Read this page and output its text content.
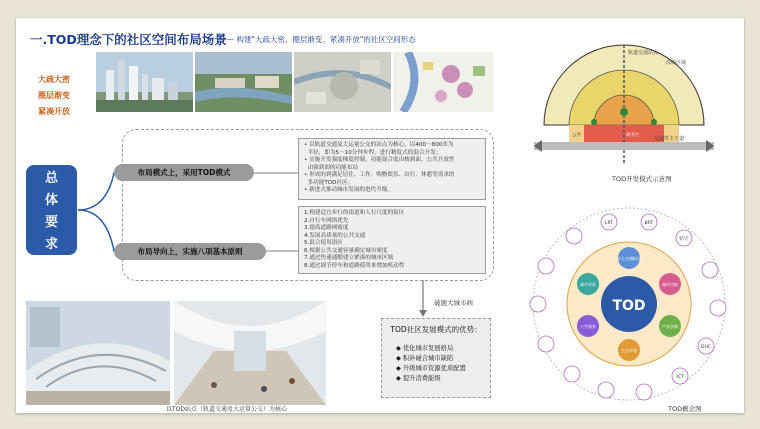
一.TOD理念下的社区空间布局场景
—— 构建"大疏大密、圈层渐变、紧凑开放"的社区空间形态
大疏大密
圈层渐变
紧凑开放
总
体
要
求
布局模式上，采用TOD模式
布局导向上，实施八项基本原则
• 以轨道交通及大运量公交的站点为核心，以400～800米为
半径，即为5～10分钟步程，进行精度式的混合开发；
• 实施开发强度梯度控制，功能混合度由核到面，公共开放性
由强到弱的功能布局
• 形成的到满足居住、工作、购物娱乐、出行、休憩等需求的
多功能TOD社区；
• 新进式推动城市发展的进代升级。
1.构建适宜步行的街道和人行尺度的街区
2.自行车网络优先
3.提高道路网密度
4.发展高质量的公共交通
5.混合使用街区
6.根据公共交通容量确定城市密度
7.通过快速通勤建立紧凑的城市区域
8.通过调节停车和道路使用来增加机动性
破题大城市病
TOD社区发展模式的优势：
◆ 优化城市发展格局
◆ 积补碰合城市缺陷
◆ 升级城市资源优质配置
◆ 提升消费能级
以TOD站点（轨道交通及大运量公交）为核心
轨道交通站点
次级区域
交通性主干道
商业区
公共
TOD开发模式示意图
TOD
综合交通枢纽
城市功能
产业创新
生态环境
公共服务
城市更新
LRT	BRT
防灾
DHC
ICT
TOD概念图
